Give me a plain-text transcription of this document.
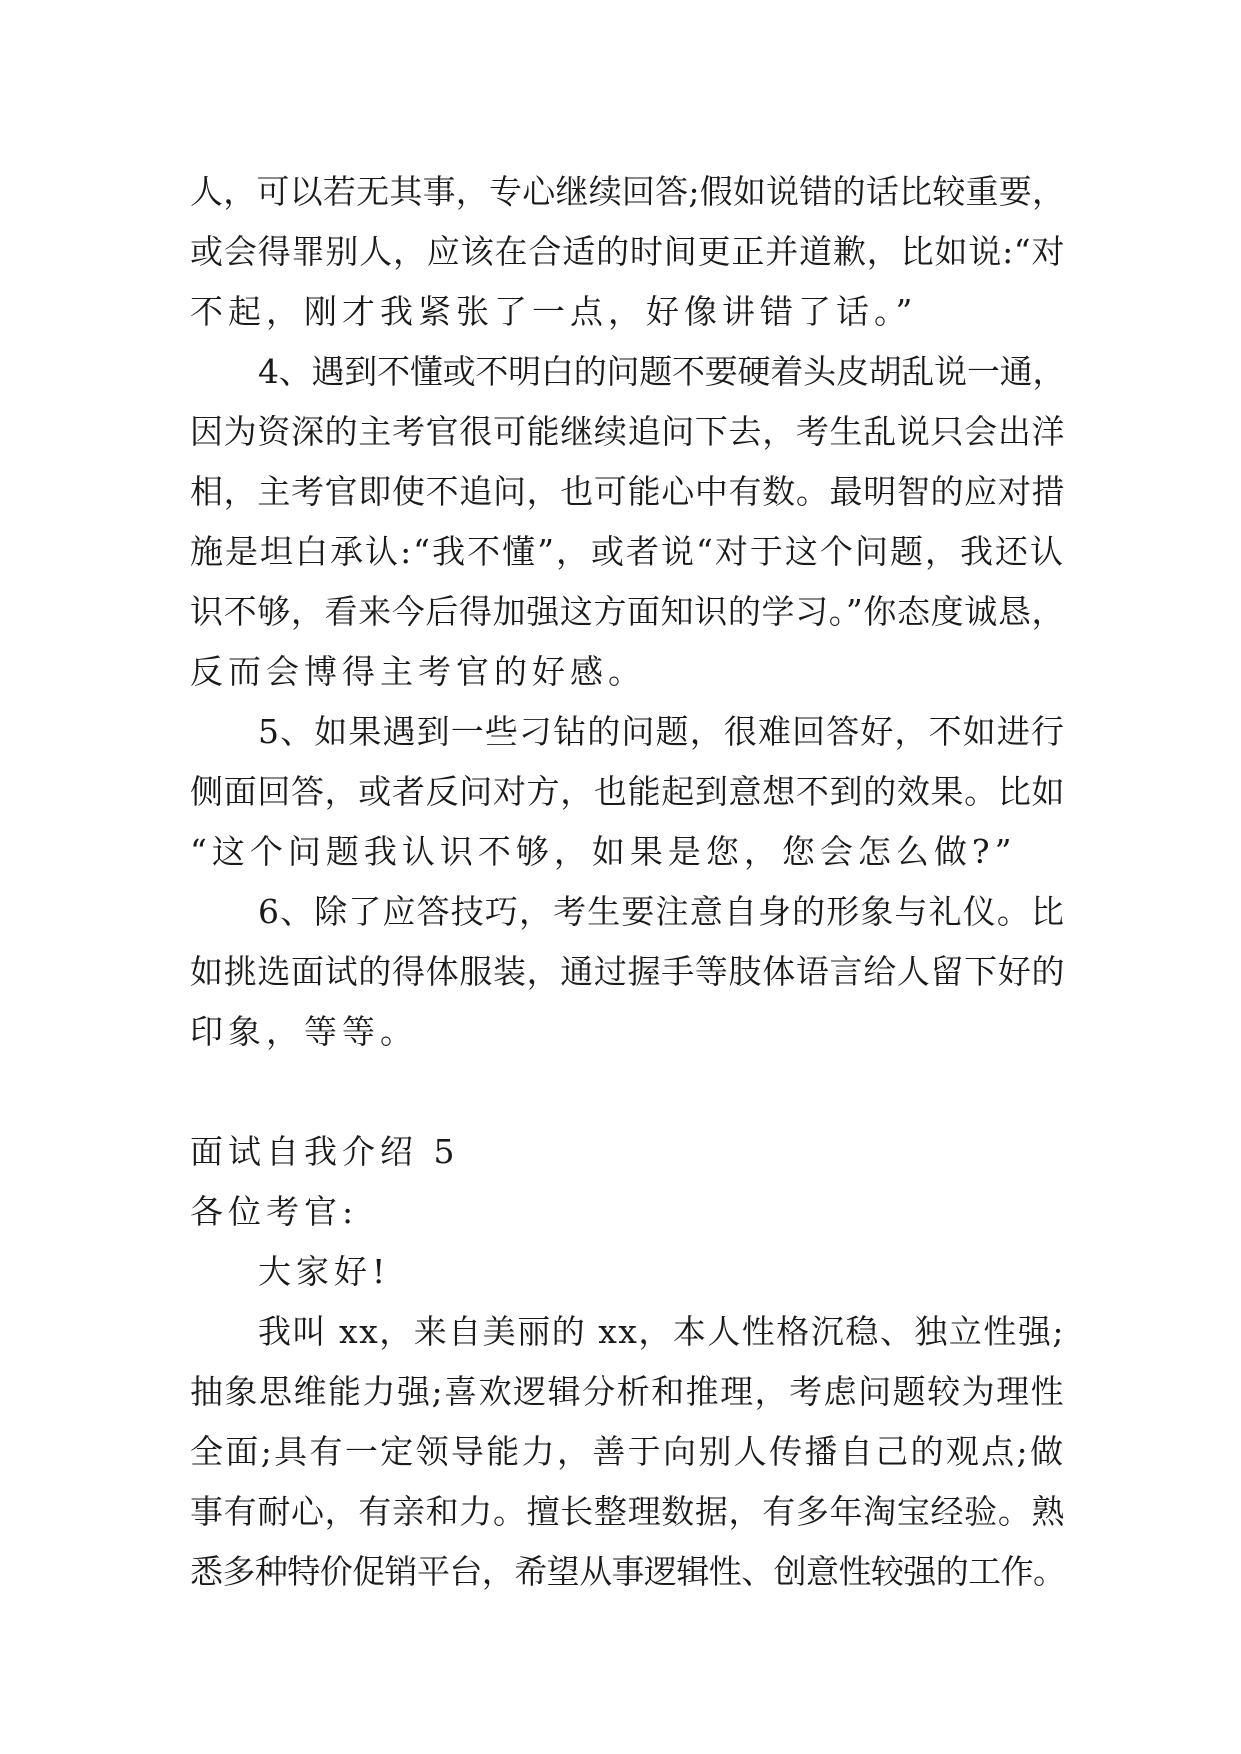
人，可以若无其事，专心继续回答;假如说错的话比较重要，
或会得罪别人，应该在合适的时间更正并道歉，比如说:“对
不起，刚才我紧张了一点，好像讲错了话。”
4、遇到不懂或不明白的问题不要硬着头皮胡乱说一通，
因为资深的主考官很可能继续追问下去，考生乱说只会出洋
相，主考官即使不追问，也可能心中有数。最明智的应对措
施是坦白承认:“我不懂”，或者说“对于这个问题，我还认
识不够，看来今后得加强这方面知识的学习。”你态度诚恳，
反而会博得主考官的好感。
5、如果遇到一些刁钻的问题，很难回答好，不如进行
侧面回答，或者反问对方，也能起到意想不到的效果。比如
“这个问题我认识不够，如果是您，您会怎么做?”
6、除了应答技巧，考生要注意自身的形象与礼仪。比
如挑选面试的得体服装，通过握手等肢体语言给人留下好的
印象，等等。
面试自我介绍 5
各位考官:
大家好!
我叫 xx，来自美丽的 xx，本人性格沉稳、独立性强;
抽象思维能力强;喜欢逻辑分析和推理，考虑问题较为理性
全面;具有一定领导能力，善于向别人传播自己的观点;做
事有耐心，有亲和力。擅长整理数据，有多年淘宝经验。熟
悉多种特价促销平台，希望从事逻辑性、创意性较强的工作。
